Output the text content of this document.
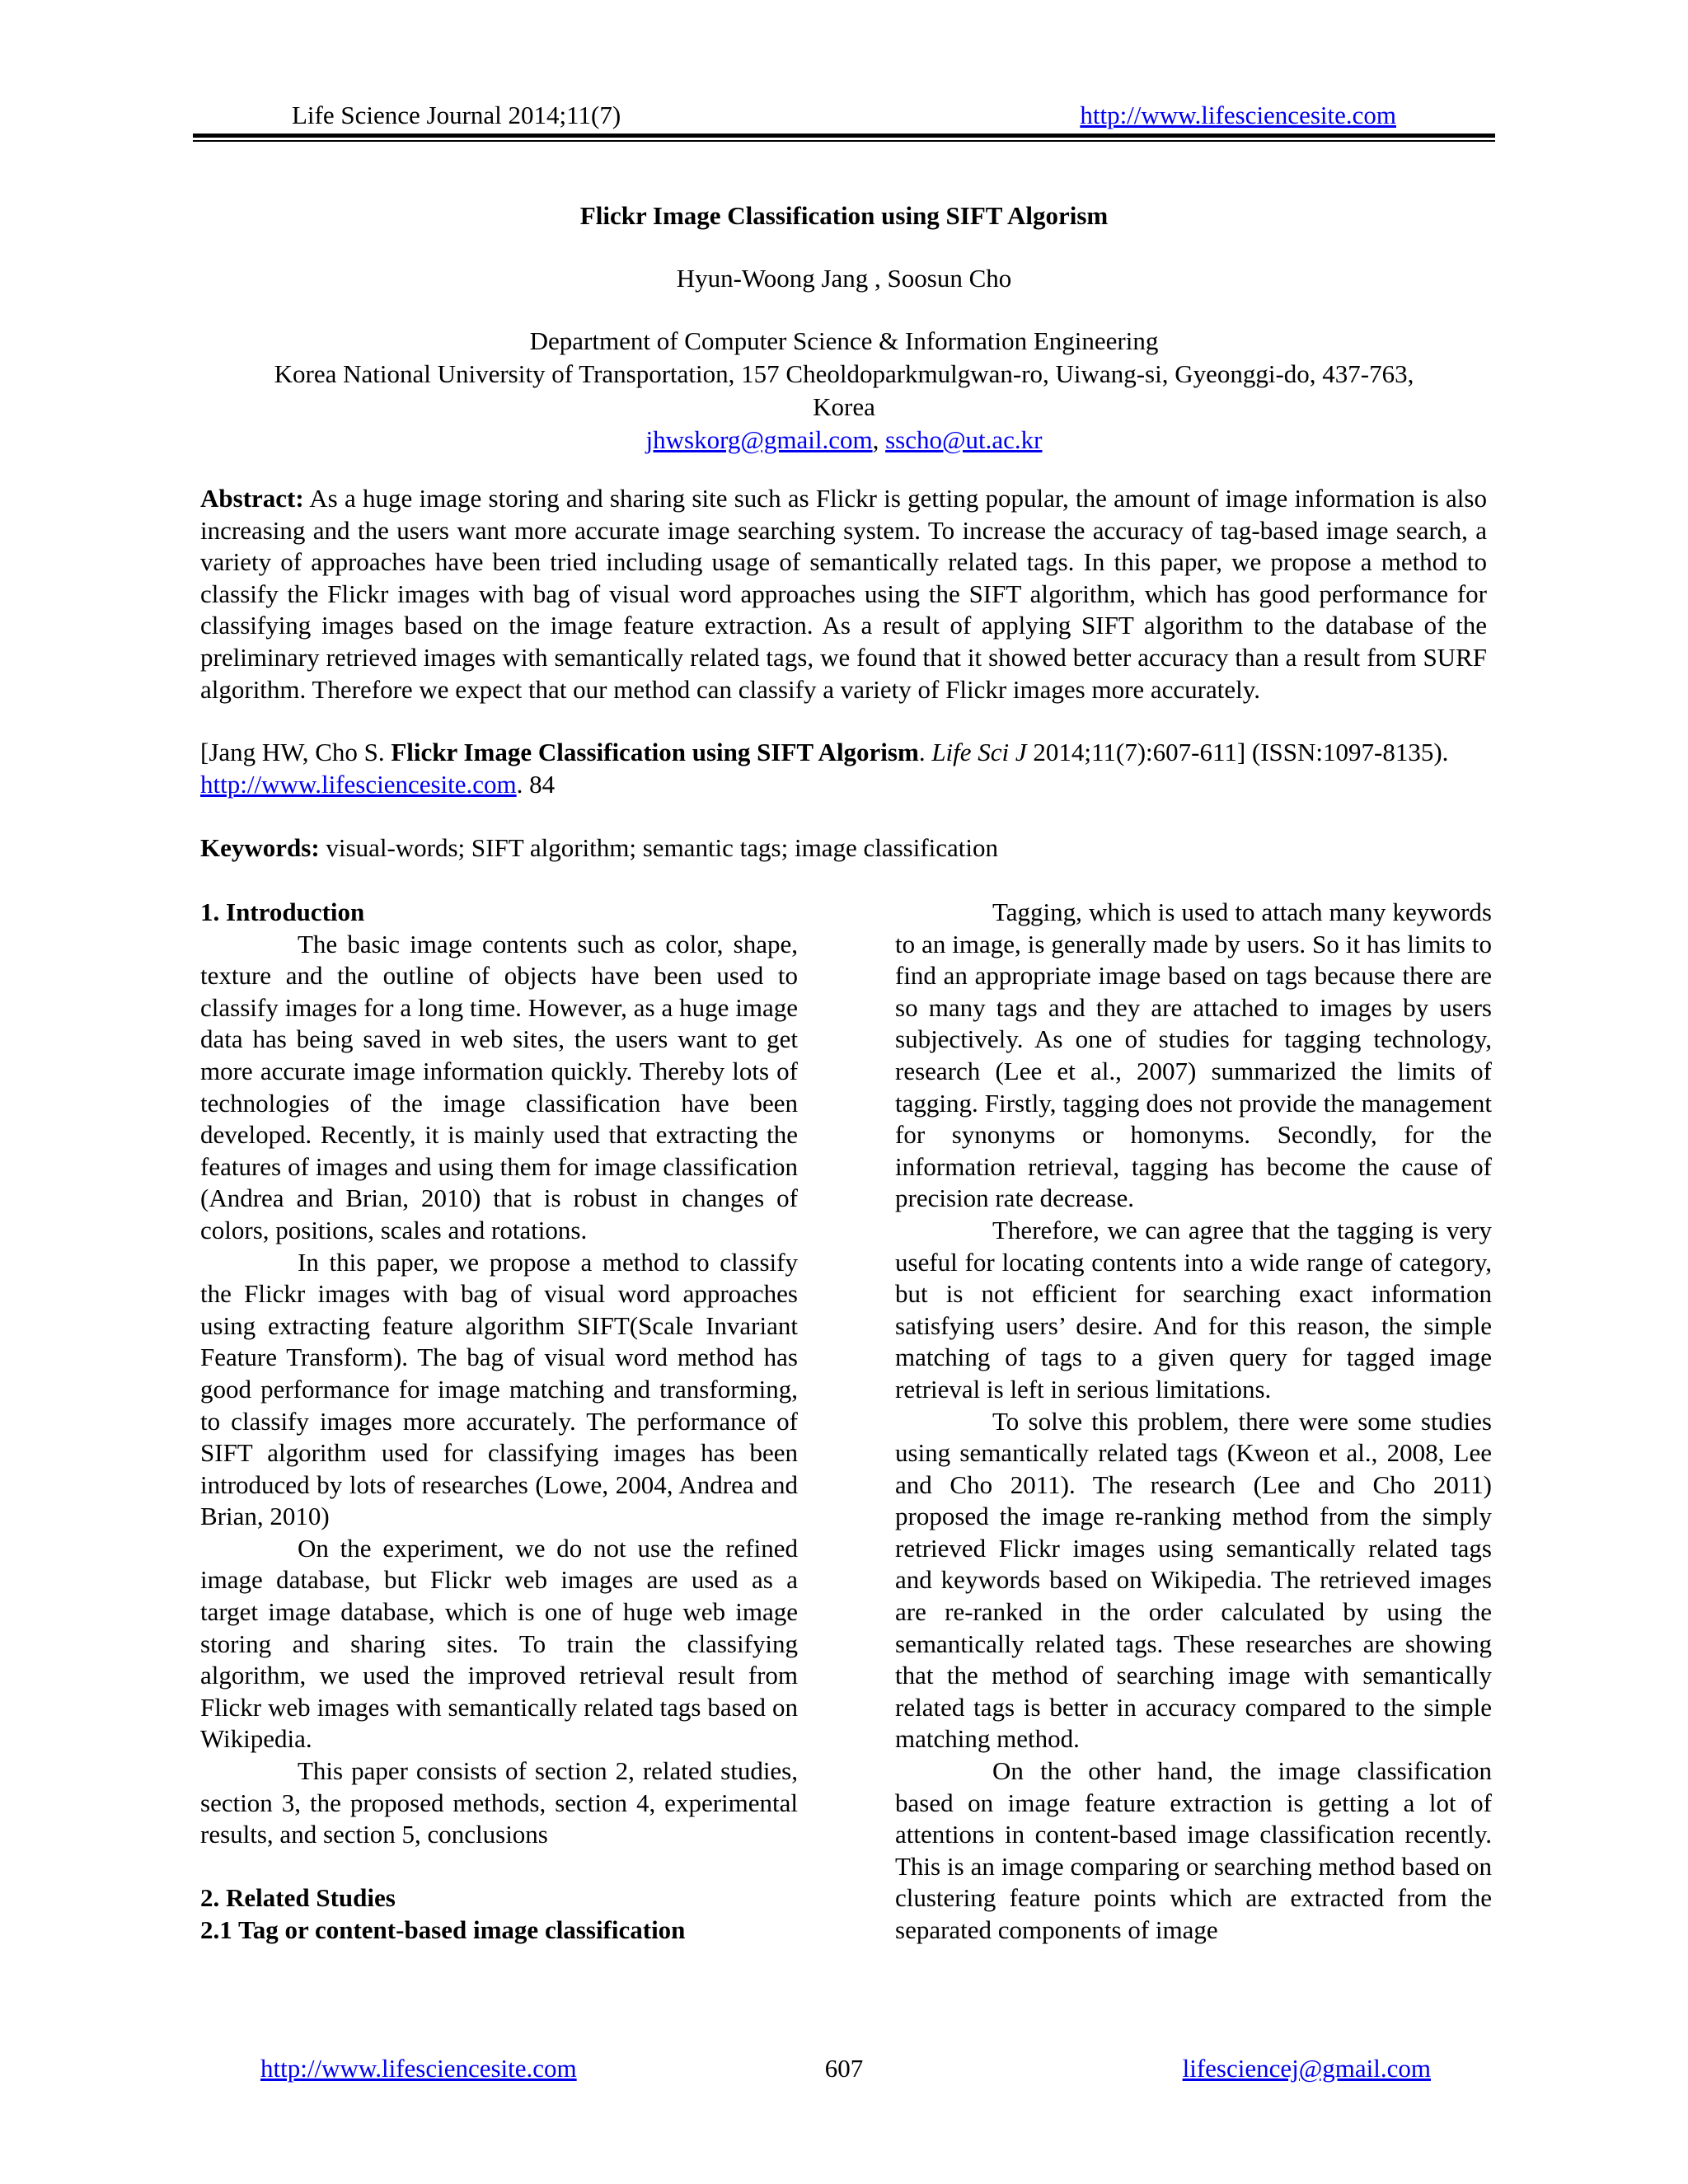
Life Science Journal 2014;11(7)	http://www.lifesciencesite.com
Flickr Image Classification using SIFT Algorism
Hyun-Woong Jang , Soosun Cho
Department of Computer Science & Information Engineering
Korea National University of Transportation, 157 Cheoldoparkmulgwan-ro, Uiwang-si, Gyeonggi-do, 437-763,
Korea
jhwskorg@gmail.com, sscho@ut.ac.kr

Abstract: As a huge image storing and sharing site such as Flickr is getting popular, the amount of image information is also increasing and the users want more accurate image searching system. To increase the accuracy of tag-based image search, a variety of approaches have been tried including usage of semantically related tags. In this paper, we propose a method to classify the Flickr images with bag of visual word approaches using the SIFT algorithm, which has good performance for classifying images based on the image feature extraction. As a result of applying SIFT algorithm to the database of the preliminary retrieved images with semantically related tags, we found that it showed better accuracy than a result from SURF algorithm. Therefore we expect that our method can classify a variety of Flickr images more accurately.

[Jang HW, Cho S. Flickr Image Classification using SIFT Algorism. Life Sci J 2014;11(7):607-611] (ISSN:1097-8135). http://www.lifesciencesite.com. 84

Keywords: visual-words; SIFT algorithm; semantic tags; image classification

1. Introduction

The basic image contents such as color, shape, texture and the outline of objects have been used to classify images for a long time. However, as a huge image data has being saved in web sites, the users want to get more accurate image information quickly. Thereby lots of technologies of the image classification have been developed. Recently, it is mainly used that extracting the features of images and using them for image classification (Andrea and Brian, 2010) that is robust in changes of colors, positions, scales and rotations.

In this paper, we propose a method to classify the Flickr images with bag of visual word approaches using extracting feature algorithm SIFT(Scale Invariant Feature Transform). The bag of visual word method has good performance for image matching and transforming, to classify images more accurately. The performance of SIFT algorithm used for classifying images has been introduced by lots of researches (Lowe, 2004, Andrea and Brian, 2010)

On the experiment, we do not use the refined image database, but Flickr web images are used as a target image database, which is one of huge web image storing and sharing sites. To train the classifying algorithm, we used the improved retrieval result from Flickr web images with semantically related tags based on Wikipedia.

This paper consists of section 2, related studies, section 3, the proposed methods, section 4, experimental results, and section 5, conclusions

2. Related Studies
2.1 Tag or content-based image classification

Tagging, which is used to attach many keywords to an image, is generally made by users. So it has limits to find an appropriate image based on tags because there are so many tags and they are attached to images by users subjectively. As one of studies for tagging technology, research (Lee et al., 2007) summarized the limits of tagging. Firstly, tagging does not provide the management for synonyms or homonyms. Secondly, for the information retrieval, tagging has become the cause of precision rate decrease.

Therefore, we can agree that the tagging is very useful for locating contents into a wide range of category, but is not efficient for searching exact information satisfying users’ desire. And for this reason, the simple matching of tags to a given query for tagged image retrieval is left in serious limitations.

To solve this problem, there were some studies using semantically related tags (Kweon et al., 2008, Lee and Cho 2011). The research (Lee and Cho 2011) proposed the image re-ranking method from the simply retrieved Flickr images using semantically related tags and keywords based on Wikipedia. The retrieved images are re-ranked in the order calculated by using the semantically related tags. These researches are showing that the method of searching image with semantically related tags is better in accuracy compared to the simple matching method.

On the other hand, the image classification based on image feature extraction is getting a lot of attentions in content-based image classification recently. This is an image comparing or searching method based on clustering feature points which are extracted from the separated components of image

607
http://www.lifesciencesite.com	lifesciencej@gmail.com
